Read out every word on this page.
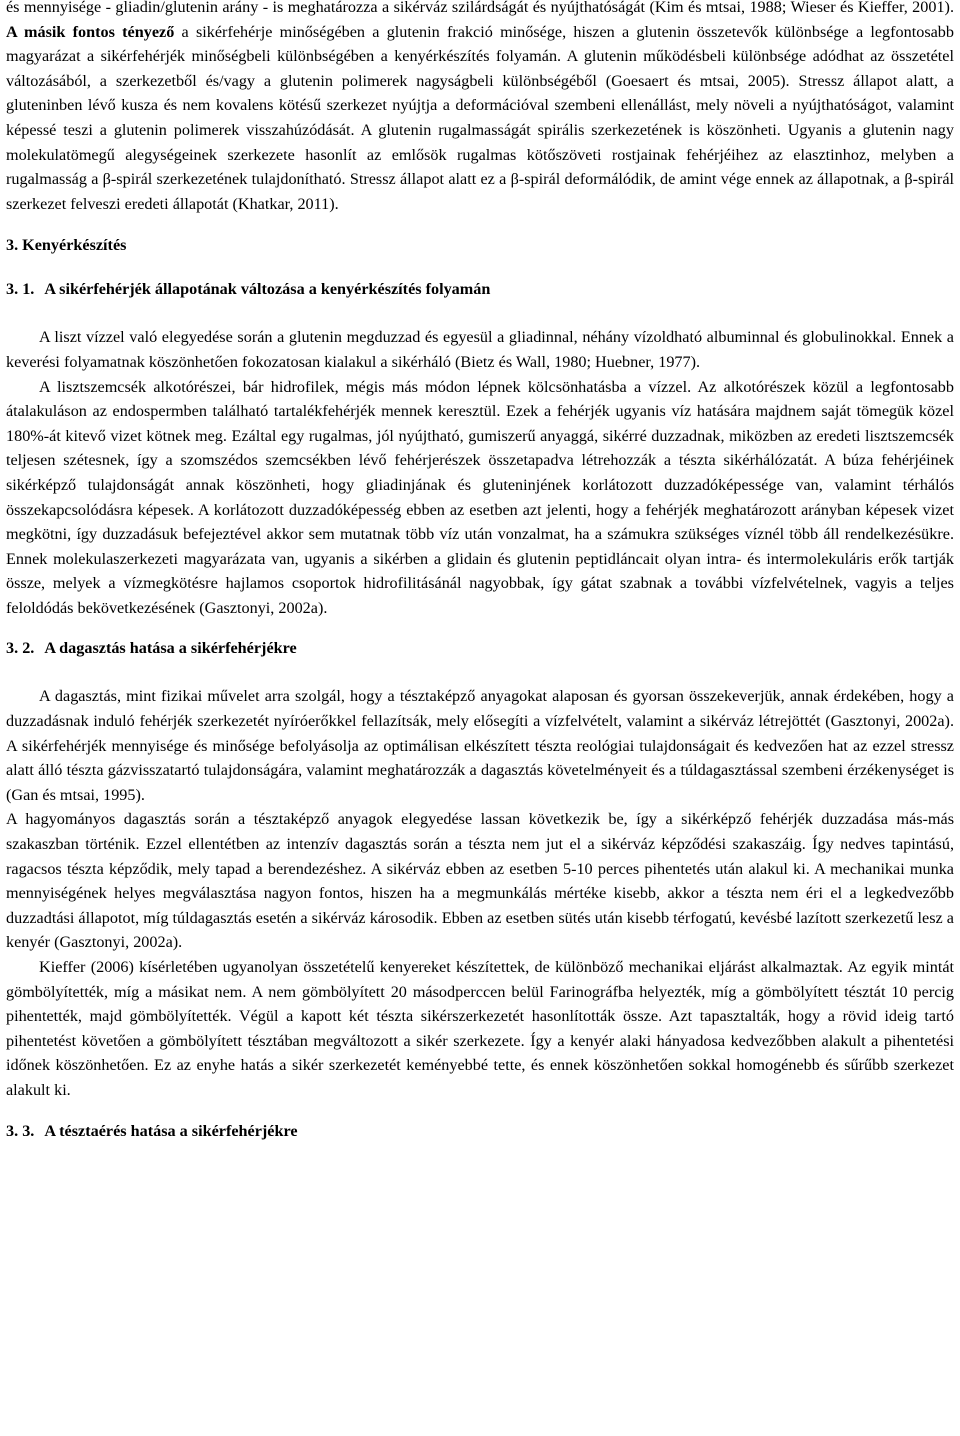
és mennyisége - gliadin/glutenin arány - is meghatározza a sikérváz szilárdságát és nyújthatóságát (Kim és mtsai, 1988; Wieser és Kieffer, 2001). A másik fontos tényező a sikérfehérje minőségében a glutenin frakció minősége, hiszen a glutenin összetevők különbsége a legfontosabb magyarázat a sikérfehérjék minőségbeli különbségében a kenyérkészítés folyamán. A glutenin működésbeli különbsége adódhat az összetétel változásából, a szerkezetből és/vagy a glutenin polimerek nagyságbeli különbségéből (Goesaert és mtsai, 2005). Stressz állapot alatt, a gluteninben lévő kusza és nem kovalens kötésű szerkezet nyújtja a deformációval szembeni ellenállást, mely növeli a nyújthatóságot, valamint képessé teszi a glutenin polimerek visszahúzódását. A glutenin rugalmasságát spirális szerkezetének is köszönheti. Ugyanis a glutenin nagy molekulatömegű alegységeinek szerkezete hasonlít az emlősök rugalmas kötőszöveti rostjainak fehérjéihez az elasztinhoz, melyben a rugalmasság a β-spirál szerkezetének tulajdonítható. Stressz állapot alatt ez a β-spirál deformálódik, de amint vége ennek az állapotnak, a β-spirál szerkezet felveszi eredeti állapotát (Khatkar, 2011).

3. Kenyérkészítés
3. 1. A sikérfehérjék állapotának változása a kenyérkészítés folyamán

A liszt vízzel való elegyedése során a glutenin megduzzad és egyesül a gliadinnal, néhány vízoldható albuminnal és globulinokkal. Ennek a keverési folyamatnak köszönhetően fokozatosan kialakul a sikérháló (Bietz és Wall, 1980; Huebner, 1977).

A lisztszemcsék alkotórészei, bár hidrofilek, mégis más módon lépnek kölcsönhatásba a vízzel. Az alkotórészek közül a legfontosabb átalakuláson az endospermben található tartalékfehérjék mennek keresztül. Ezek a fehérjék ugyanis víz hatására majdnem saját tömegük közel 180%-át kitevő vizet kötnek meg. Ezáltal egy rugalmas, jól nyújtható, gumiszerű anyaggá, sikérré duzzadnak, miközben az eredeti lisztszemcsék teljesen szétesnek, így a szomszédos szemcsékben lévő fehérjerészek összetapadva létrehozzák a tészta sikérhálózatát. A búza fehérjéinek sikérképző tulajdonságát annak köszönheti, hogy gliadinjának és gluteninjének korlátozott duzzadóképessége van, valamint térhálós összekapcsolódásra képesek. A korlátozott duzzadóképesség ebben az esetben azt jelenti, hogy a fehérjék meghatározott arányban képesek vizet megkötni, így duzzadásuk befejeztével akkor sem mutatnak több víz után vonzalmat, ha a számukra szükséges víznél több áll rendelkezésükre. Ennek molekulaszerkezeti magyarázata van, ugyanis a sikérben a glidain és glutenin peptidláncait olyan intra- és intermolekuláris erők tartják össze, melyek a vízmegkötésre hajlamos csoportok hidrofilitásánál nagyobbak, így gátat szabnak a további vízfelvételnek, vagyis a teljes feloldódás bekövetkezésének (Gasztonyi, 2002a).

3. 2. A dagasztás hatása a sikérfehérjékre

A dagasztás, mint fizikai művelet arra szolgál, hogy a tésztaképző anyagokat alaposan és gyorsan összekeverjük, annak érdekében, hogy a duzzadásnak induló fehérjék szerkezetét nyíróerőkkel fellazítsák, mely elősegíti a vízfelvételt, valamint a sikérváz létrejöttét (Gasztonyi, 2002a). A sikérfehérjék mennyisége és minősége befolyásolja az optimálisan elkészített tészta reológiai tulajdonságait és kedvezően hat az ezzel stressz alatt álló tészta gázvisszatartó tulajdonságára, valamint meghatározzák a dagasztás követelményeit és a túldagasztással szembeni érzékenységet is (Gan és mtsai, 1995).

A hagyományos dagasztás során a tésztaképző anyagok elegyedése lassan következik be, így a sikérképző fehérjék duzzadása más-más szakaszban történik. Ezzel ellentétben az intenzív dagasztás során a tészta nem jut el a sikérváz képződési szakaszáig. Így nedves tapintású, ragacsos tészta képződik, mely tapad a berendezéshez. A sikérváz ebben az esetben 5-10 perces pihentetés után alakul ki. A mechanikai munka mennyiségének helyes megválasztása nagyon fontos, hiszen ha a megmunkálás mértéke kisebb, akkor a tészta nem éri el a legkedvezőbb duzzadtási állapotot, míg túldagasztás esetén a sikérváz károsodik. Ebben az esetben sütés után kisebb térfogatú, kevésbé lazított szerkezetű lesz a kenyér (Gasztonyi, 2002a).

Kieffer (2006) kísérletében ugyanolyan összetételű kenyereket készítettek, de különböző mechanikai eljárást alkalmaztak. Az egyik mintát gömbölyítették, míg a másikat nem. A nem gömbölyített 20 másodperccen belül Farinográfba helyezték, míg a gömbölyített tésztát 10 percig pihentették, majd gömbölyítették. Végül a kapott két tészta sikérszerkezetét hasonlították össze. Azt tapasztalták, hogy a rövid ideig tartó pihentetést követően a gömbölyített tésztában megváltozott a sikér szerkezete. Így a kenyér alaki hányadosa kedvezőbben alakult a pihentetési időnek köszönhetően. Ez az enyhe hatás a sikér szerkezetét keményebbé tette, és ennek köszönhetően sokkal homogénebb és sűrűbb szerkezet alakult ki.

3. 3. A tésztaérés hatása a sikérfehérjékre
